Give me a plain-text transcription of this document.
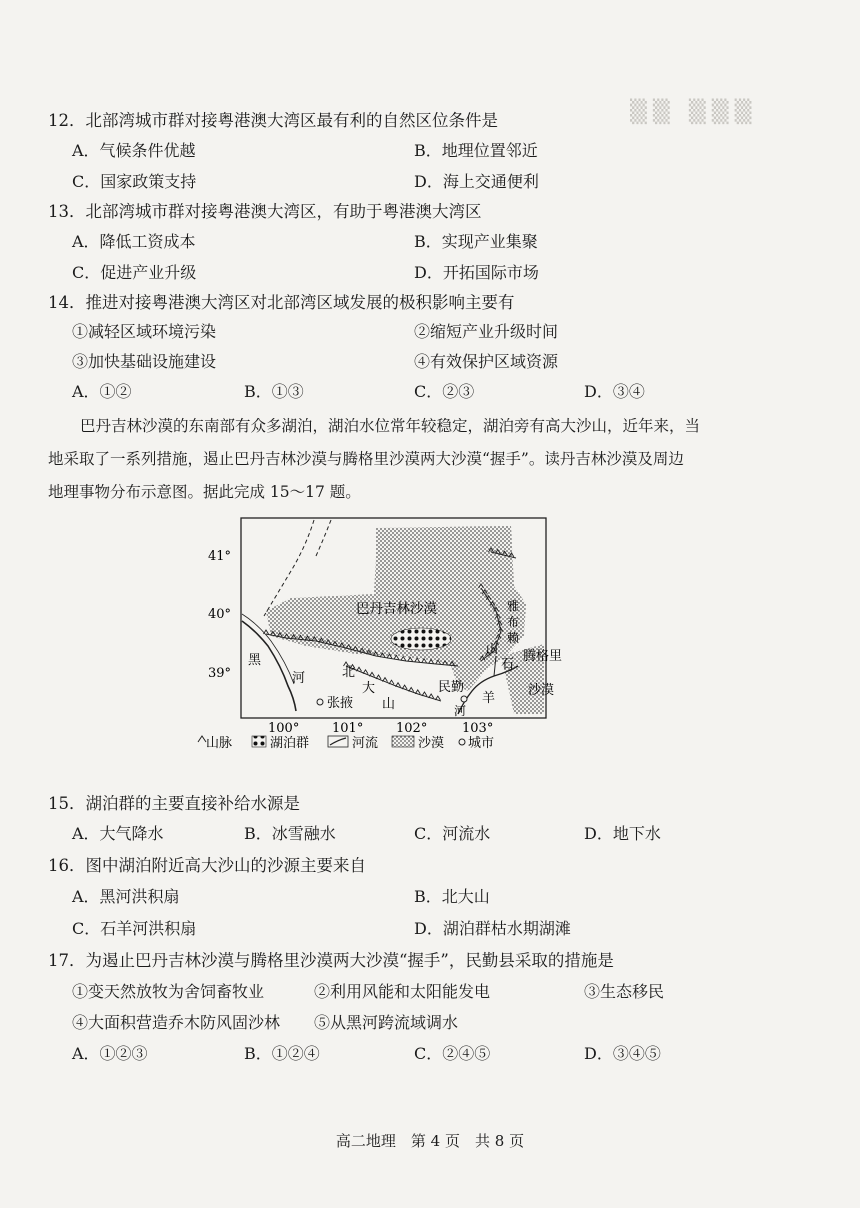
▒▒ ▒▒▒
12．北部湾城市群对接粤港澳大湾区最有利的自然区位条件是
A．气候条件优越	B．地理位置邻近
C．国家政策支持	D．海上交通便利
13．北部湾城市群对接粤港澳大湾区，有助于粤港澳大湾区
A．降低工资成本	B．实现产业集聚
C．促进产业升级	D．开拓国际市场
14．推进对接粤港澳大湾区对北部湾区域发展的极积影响主要有
①减轻区域环境污染	②缩短产业升级时间
③加快基础设施建设	④有效保护区域资源
A．①②	B．①③	C．②③	D．③④
巴丹吉林沙漠的东南部有众多湖泊，湖泊水位常年较稳定，湖泊旁有高大沙山，近年来，当
地采取了一系列措施，遏止巴丹吉林沙漠与腾格里沙漠两大沙漠“握手”。读丹吉林沙漠及周边
地理事物分布示意图。据此完成 15～17 题。
41°
40°
39°
100°	101°	102°	103°
巴丹吉林沙漠
腾格里
沙漠
黑
河	北
大
山
雅
布
赖
山
张掖
民勤
石
羊
河
山脉	湖泊群	河流	沙漠 城市
15．湖泊群的主要直接补给水源是
A．大气降水	B．冰雪融水	C．河流水	D．地下水
16．图中湖泊附近高大沙山的沙源主要来自
A．黑河洪积扇	B．北大山
C．石羊河洪积扇	D．湖泊群枯水期湖滩
17．为遏止巴丹吉林沙漠与腾格里沙漠两大沙漠“握手”，民勤县采取的措施是
①变天然放牧为舍饲畜牧业	②利用风能和太阳能发电	③生态移民
④大面积营造乔木防风固沙林 ⑤从黑河跨流域调水
A．①②③	B．①②④	C．②④⑤	D．③④⑤
高二地理　第 4 页　共 8 页
